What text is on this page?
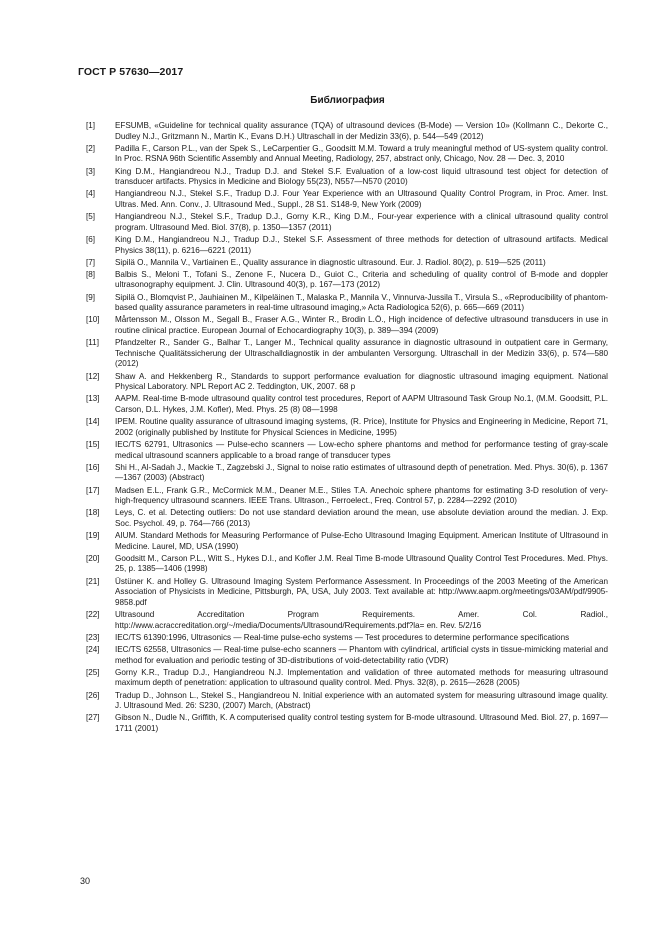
ГОСТ Р 57630—2017
Библиография
[1]	EFSUMB, «Guideline for technical quality assurance (TQA) of ultrasound devices (B-Mode) — Version 10» (Kollmann C., Dekorte C., Dudley N.J., Gritzmann N., Martin K., Evans D.H.) Ultraschall in der Medizin 33(6), p. 544—549 (2012)
[2]	Padilla F., Carson P.L., van der Spek S., LeCarpentier G., Goodsitt M.M. Toward a truly meaningful method of US-system quality control. In Proc. RSNA 96th Scientific Assembly and Annual Meeting, Radiology, 257, abstract only, Chicago, Nov. 28 — Dec. 3, 2010
[3]	King D.M., Hangiandreou N.J., Tradup D.J. and Stekel S.F. Evaluation of a low-cost liquid ultrasound test object for detection of transducer artifacts. Physics in Medicine and Biology 55(23), N557—N570 (2010)
[4]	Hangiandreou N.J., Stekel S.F., Tradup D.J. Four Year Experience with an Ultrasound Quality Control Program, in Proc. Amer. Inst. Ultras. Med. Ann. Conv., J. Ultrasound Med., Suppl., 28 S1. S148-9, New York (2009)
[5]	Hangiandreou N.J., Stekel S.F., Tradup D.J., Gorny K.R., King D.M., Four-year experience with a clinical ultrasound quality control program. Ultrasound Med. Biol. 37(8), p. 1350—1357 (2011)
[6]	King D.M., Hangiandreou N.J., Tradup D.J., Stekel S.F. Assessment of three methods for detection of ultrasound artifacts. Medical Physics 38(11), p. 6216—6221 (2011)
[7]	Sipilä O., Mannila V., Vartiainen E., Quality assurance in diagnostic ultrasound. Eur. J. Radiol. 80(2), p. 519—525 (2011)
[8]	Balbis S., Meloni T., Tofani S., Zenone F., Nucera D., Guiot C., Criteria and scheduling of quality control of B-mode and doppler ultrasonography equipment. J. Clin. Ultrasound 40(3), p. 167—173 (2012)
[9]	Sipilä O., Blomqvist P., Jauhiainen M., Kilpeläinen T., Malaska P., Mannila V., Vinnurva-Jussila T., Virsula S., «Reproducibility of phantom-based quality assurance parameters in real-time ultrasound imaging,» Acta Radiologica 52(6), p. 665—669 (2011)
[10]	Mårtensson M., Olsson M., Segall B., Fraser A.G., Winter R., Brodin L.Ö., High incidence of defective ultrasound transducers in use in routine clinical practice. European Journal of Echocardiography 10(3), p. 389—394 (2009)
[11]	Pfandzelter R., Sander G., Balhar T., Langer M., Technical quality assurance in diagnostic ultrasound in outpatient care in Germany, Technische Qualitätssicherung der Ultraschalldiagnostik in der ambulanten Versorgung. Ultraschall in der Medizin 33(6), p. 574—580 (2012)
[12]	Shaw A. and Hekkenberg R., Standards to support performance evaluation for diagnostic ultrasound imaging equipment. National Physical Laboratory. NPL Report AC 2. Teddington, UK, 2007. 68 p
[13]	AAPM. Real-time B-mode ultrasound quality control test procedures, Report of AAPM Ultrasound Task Group No.1, (M.M. Goodsitt, P.L. Carson, D.L. Hykes, J.M. Kofler), Med. Phys. 25 (8) 08—1998
[14]	IPEM. Routine quality assurance of ultrasound imaging systems, (R. Price), Institute for Physics and Engineering in Medicine, Report 71, 2002 (originally published by Institute for Physical Sciences in Medicine, 1995)
[15]	IEC/TS 62791, Ultrasonics — Pulse-echo scanners — Low-echo sphere phantoms and method for performance testing of gray-scale medical ultrasound scanners applicable to a broad range of transducer types
[16]	Shi H., Al-Sadah J., Mackie T., Zagzebski J., Signal to noise ratio estimates of ultrasound depth of penetration. Med. Phys. 30(6), p. 1367—1367 (2003) (Abstract)
[17]	Madsen E.L., Frank G.R., McCormick M.M., Deaner M.E., Stiles T.A. Anechoic sphere phantoms for estimating 3-D resolution of very-high-frequency ultrasound scanners. IEEE Trans. Ultrason., Ferroelect., Freq. Control 57, p. 2284—2292 (2010)
[18]	Leys, C. et al. Detecting outliers: Do not use standard deviation around the mean, use absolute deviation around the median. J. Exp. Soc. Psychol. 49, p. 764—766 (2013)
[19]	AIUM. Standard Methods for Measuring Performance of Pulse-Echo Ultrasound Imaging Equipment. American Institute of Ultrasound in Medicine. Laurel, MD, USA (1990)
[20]	Goodsitt M., Carson P.L., Witt S., Hykes D.I., and Kofler J.M. Real Time B-mode Ultrasound Quality Control Test Procedures. Med. Phys. 25, p. 1385—1406 (1998)
[21]	Üstüner K. and Holley G. Ultrasound Imaging System Performance Assessment. In Proceedings of the 2003 Meeting of the American Association of Physicists in Medicine, Pittsburgh, PA, USA, July 2003. Text available at: http://www.aapm.org/meetings/03AM/pdf/9905-9858.pdf
[22]	Ultrasound Accreditation Program Requirements. Amer. Col. Radiol., http://www.acraccreditation.org/~/media/Documents/Ultrasound/Requirements.pdf?la= en. Rev. 5/2/16
[23]	IEC/TS 61390:1996, Ultrasonics — Real-time pulse-echo systems — Test procedures to determine performance specifications
[24]	IEC/TS 62558, Ultrasonics — Real-time pulse-echo scanners — Phantom with cylindrical, artificial cysts in tissue-mimicking material and method for evaluation and periodic testing of 3D-distributions of void-detectability ratio (VDR)
[25]	Gorny K.R., Tradup D.J., Hangiandreou N.J. Implementation and validation of three automated methods for measuring ultrasound maximum depth of penetration: application to ultrasound quality control. Med. Phys. 32(8), p. 2615—2628 (2005)
[26]	Tradup D., Johnson L., Stekel S., Hangiandreou N. Initial experience with an automated system for measuring ultrasound image quality. J. Ultrasound Med. 26: S230, (2007) March, (Abstract)
[27]	Gibson N., Dudle N., Griffith, K. A computerised quality control testing system for B-mode ultrasound. Ultrasound Med. Biol. 27, p. 1697—1711 (2001)
30
